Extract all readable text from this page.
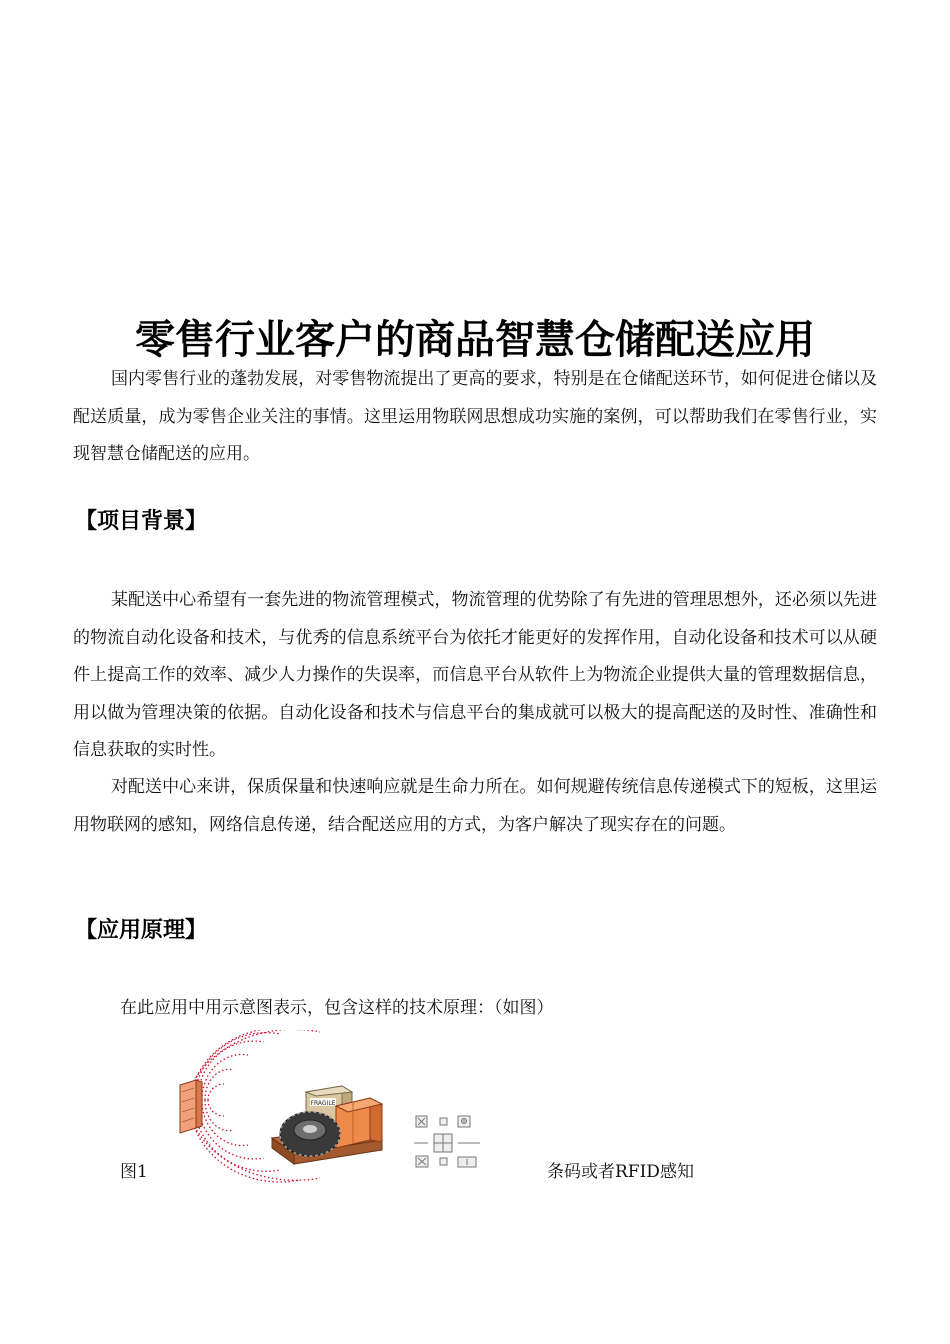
零售行业客户的商品智慧仓储配送应用

国内零售行业的蓬勃发展，对零售物流提出了更高的要求，特别是在仓储配送环节，如何促进仓储以及配送质量，成为零售企业关注的事情。这里运用物联网思想成功实施的案例，可以帮助我们在零售行业，实现智慧仓储配送的应用。

【项目背景】

某配送中心希望有一套先进的物流管理模式，物流管理的优势除了有先进的管理思想外，还必须以先进的物流自动化设备和技术，与优秀的信息系统平台为依托才能更好的发挥作用，自动化设备和技术可以从硬件上提高工作的效率、减少人力操作的失误率，而信息平台从软件上为物流企业提供大量的管理数据信息，用以做为管理决策的依据。自动化设备和技术与信息平台的集成就可以极大的提高配送的及时性、准确性和信息获取的实时性。

对配送中心来讲，保质保量和快速响应就是生命力所在。如何规避传统信息传递模式下的短板，这里运用物联网的感知，网络信息传递，结合配送应用的方式，为客户解决了现实存在的问题。

【应用原理】

在此应用中用示意图表示，包含这样的技术原理：（如图）

FRAGILE

图1	条码或者RFID感知
